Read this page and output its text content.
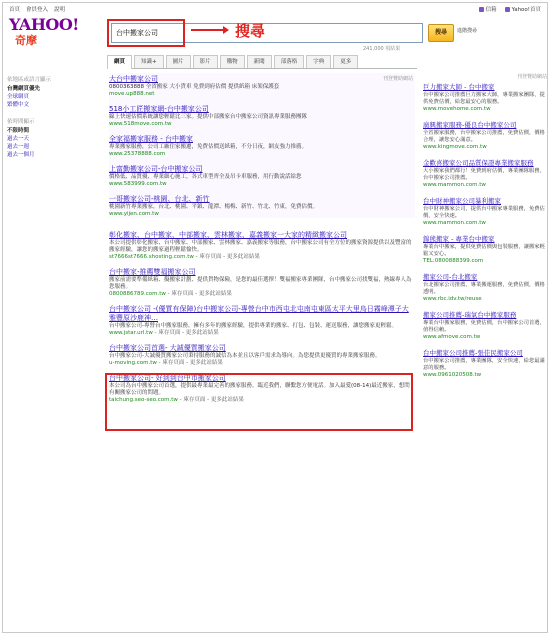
首頁 會員登入 說明	信箱	Yahoo!首頁
YAHOO!
奇摩
台中搬家公司
搜尋	進階搜尋
241,000 項結果
網頁	知識+	圖片	影片	購物	新聞	部落格	字典	更多
依地區或語言顯示
台灣網頁優先
全球網頁
繁體中文
依時間顯示
不限時間
過去一天
過去一週
過去一個月
刊登贊助網站
大台中搬家公司
0800363888 全省搬家 大小貨車 免費到府估價 提供紙箱 床架保護套
move.up888.net
518小工匠搬家網-台中搬家公司
線上快速估價系統讓您輕鬆比三家。提供中部搬家台中搬家公司資訊專業服務團隊
www.518move.com.tw
全家福搬家服務 - 台中搬家
專業搬家服務，公司工廠住家搬遷，免費估價送紙箱，不分日夜，網友強力推薦。
www.25378888.com
上富勤搬家公司-台中搬家公司
價格低、品質優、專業細心施工，各式車型齊全及吊卡車服務，用行動說話給您
www.583999.com.tw
一哥搬家公司-桃園、台北、新竹
桃園新竹專業搬家，台北、桃園、平鎮、龍潭、楊梅、新竹、竹北、竹東，免費估價。
www.yijen.com.tw
彰化搬家、台中搬家、中部搬家、雲林搬家、嘉義搬家一大家的精緻搬家公司
本公司提供彰化搬家、台中搬家、中部搬家、雲林搬家、嘉義搬家等服務，台中搬家公司有全方位的搬家資源提供以及豐富的搬家經驗，讓您的搬家過程輕鬆愉快。
st7666st7666.shosting.com.tw - 庫存頁面 - 更多此站結果
台中搬家-推薦雙福搬家公司
搬家前需要準備紙箱、擬搬家計劃、提供貨物保險，是您的最佳選擇！雙福搬家專業團隊，台中搬家公司找雙福，熱線專人為您服務。
0800886789.com.tw - 庫存頁面 - 更多此站結果
台中搬家公司 -(優質有保障)台中搬家公司-專營台中市西屯北屯南屯東區太平大里烏日霧峰潭子大雅豐原沙鹿神…
台中搬家公司-專營台中搬家服務，擁有多年的搬家經驗，提供專業的搬家、打包、包裝、運送服務，讓您搬家更輕鬆。
www.jstar.url.tw - 庫存頁面 - 更多此站結果
台中搬家公司首選- 大誠優質搬家公司
台中搬家公司-大誠優質搬家公司秉持服務的誠信為本並且以客戶需求為導向。為您提供更優質的專業搬家服務。
u-moving.com.tw - 庫存頁面 - 更多此站結果
台中搬家公司- 好到到台中市搬家公司
本公司為台中搬家公司首選，提供最專業最完善的搬家服務。臨近我們，聯繫您方便電話。加入最愛(08-14)最近搬家，想問有關搬家公司的問題。
taichung.seo-seo.com.tw - 庫存頁面 - 更多此站結果
刊登贊助網站
巨力搬家大師 - 台中搬家
台中搬家公司推薦巨力搬家大師，專業搬家團隊，提供免費估價，給您最安心的服務。
www.movehome.com.tw
廣興搬家服務-優良台中搬家公司
全省搬家服務，台中搬家公司推薦，免費估價，價格合理，讓您安心滿意。
www.kingmove.com.tw
金歡喜搬家公司品質保證專業搬家服務
大小搬家我們都行！免費到府估價，專業團隊服務，台中搬家公司推薦。
www.mammon.com.tw
台中財神搬家公司暴利搬家
台中財神搬家公司，提供台中搬家專業服務，免費估價，安全快速。
www.mammon.com.tw
錦熊搬家 - 專業台中搬家
專業台中搬家，提供免費估價與包裝服務，讓搬家輕鬆又安心。
TEL:0800888399.com
搬家公司-台北搬家
台北搬家公司推薦，專業搬運服務，免費估價，價格透明。
www.rbc.idv.tw/reuse
搬家公司推薦-瑞氣台中搬家服務
專業台中搬家服務，免費估價，台中搬家公司首選，值得信賴。
www.afmove.com.tw
台中搬家公司推薦-張佳民搬家公司
台中搬家公司推薦，專業團隊，安全快速，給您最滿意的服務。
www.0961020508.tw
搜尋
